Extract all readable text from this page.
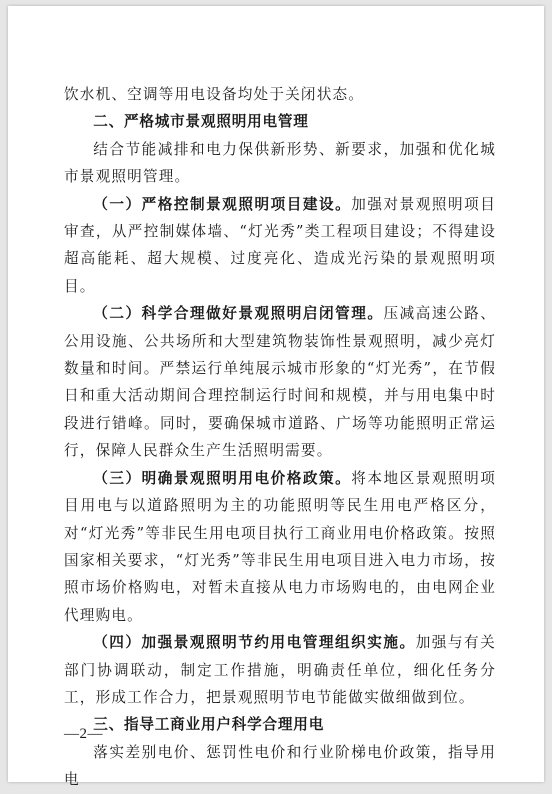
饮水机、空调等用电设备均处于关闭状态。

二、严格城市景观照明用电管理

结合节能减排和电力保供新形势、新要求，加强和优化城市景观照明管理。

（一）严格控制景观照明项目建设。加强对景观照明项目审查，从严控制媒体墙、“灯光秀”类工程项目建设；不得建设超高能耗、超大规模、过度亮化、造成光污染的景观照明项目。

（二）科学合理做好景观照明启闭管理。压减高速公路、公用设施、公共场所和大型建筑物装饰性景观照明，减少亮灯数量和时间。严禁运行单纯展示城市形象的“灯光秀”，在节假日和重大活动期间合理控制运行时间和规模，并与用电集中时段进行错峰。同时，要确保城市道路、广场等功能照明正常运行，保障人民群众生产生活照明需要。

（三）明确景观照明用电价格政策。将本地区景观照明项目用电与以道路照明为主的功能照明等民生用电严格区分，对“灯光秀”等非民生用电项目执行工商业用电价格政策。按照国家相关要求，“灯光秀”等非民生用电项目进入电力市场，按照市场价格购电，对暂未直接从电力市场购电的，由电网企业代理购电。

（四）加强景观照明节约用电管理组织实施。加强与有关部门协调联动，制定工作措施，明确责任单位，细化任务分工，形成工作合力，把景观照明节电节能做实做细做到位。

三、指导工商业用户科学合理用电

落实差别电价、惩罚性电价和行业阶梯电价政策，指导用电

—2—
